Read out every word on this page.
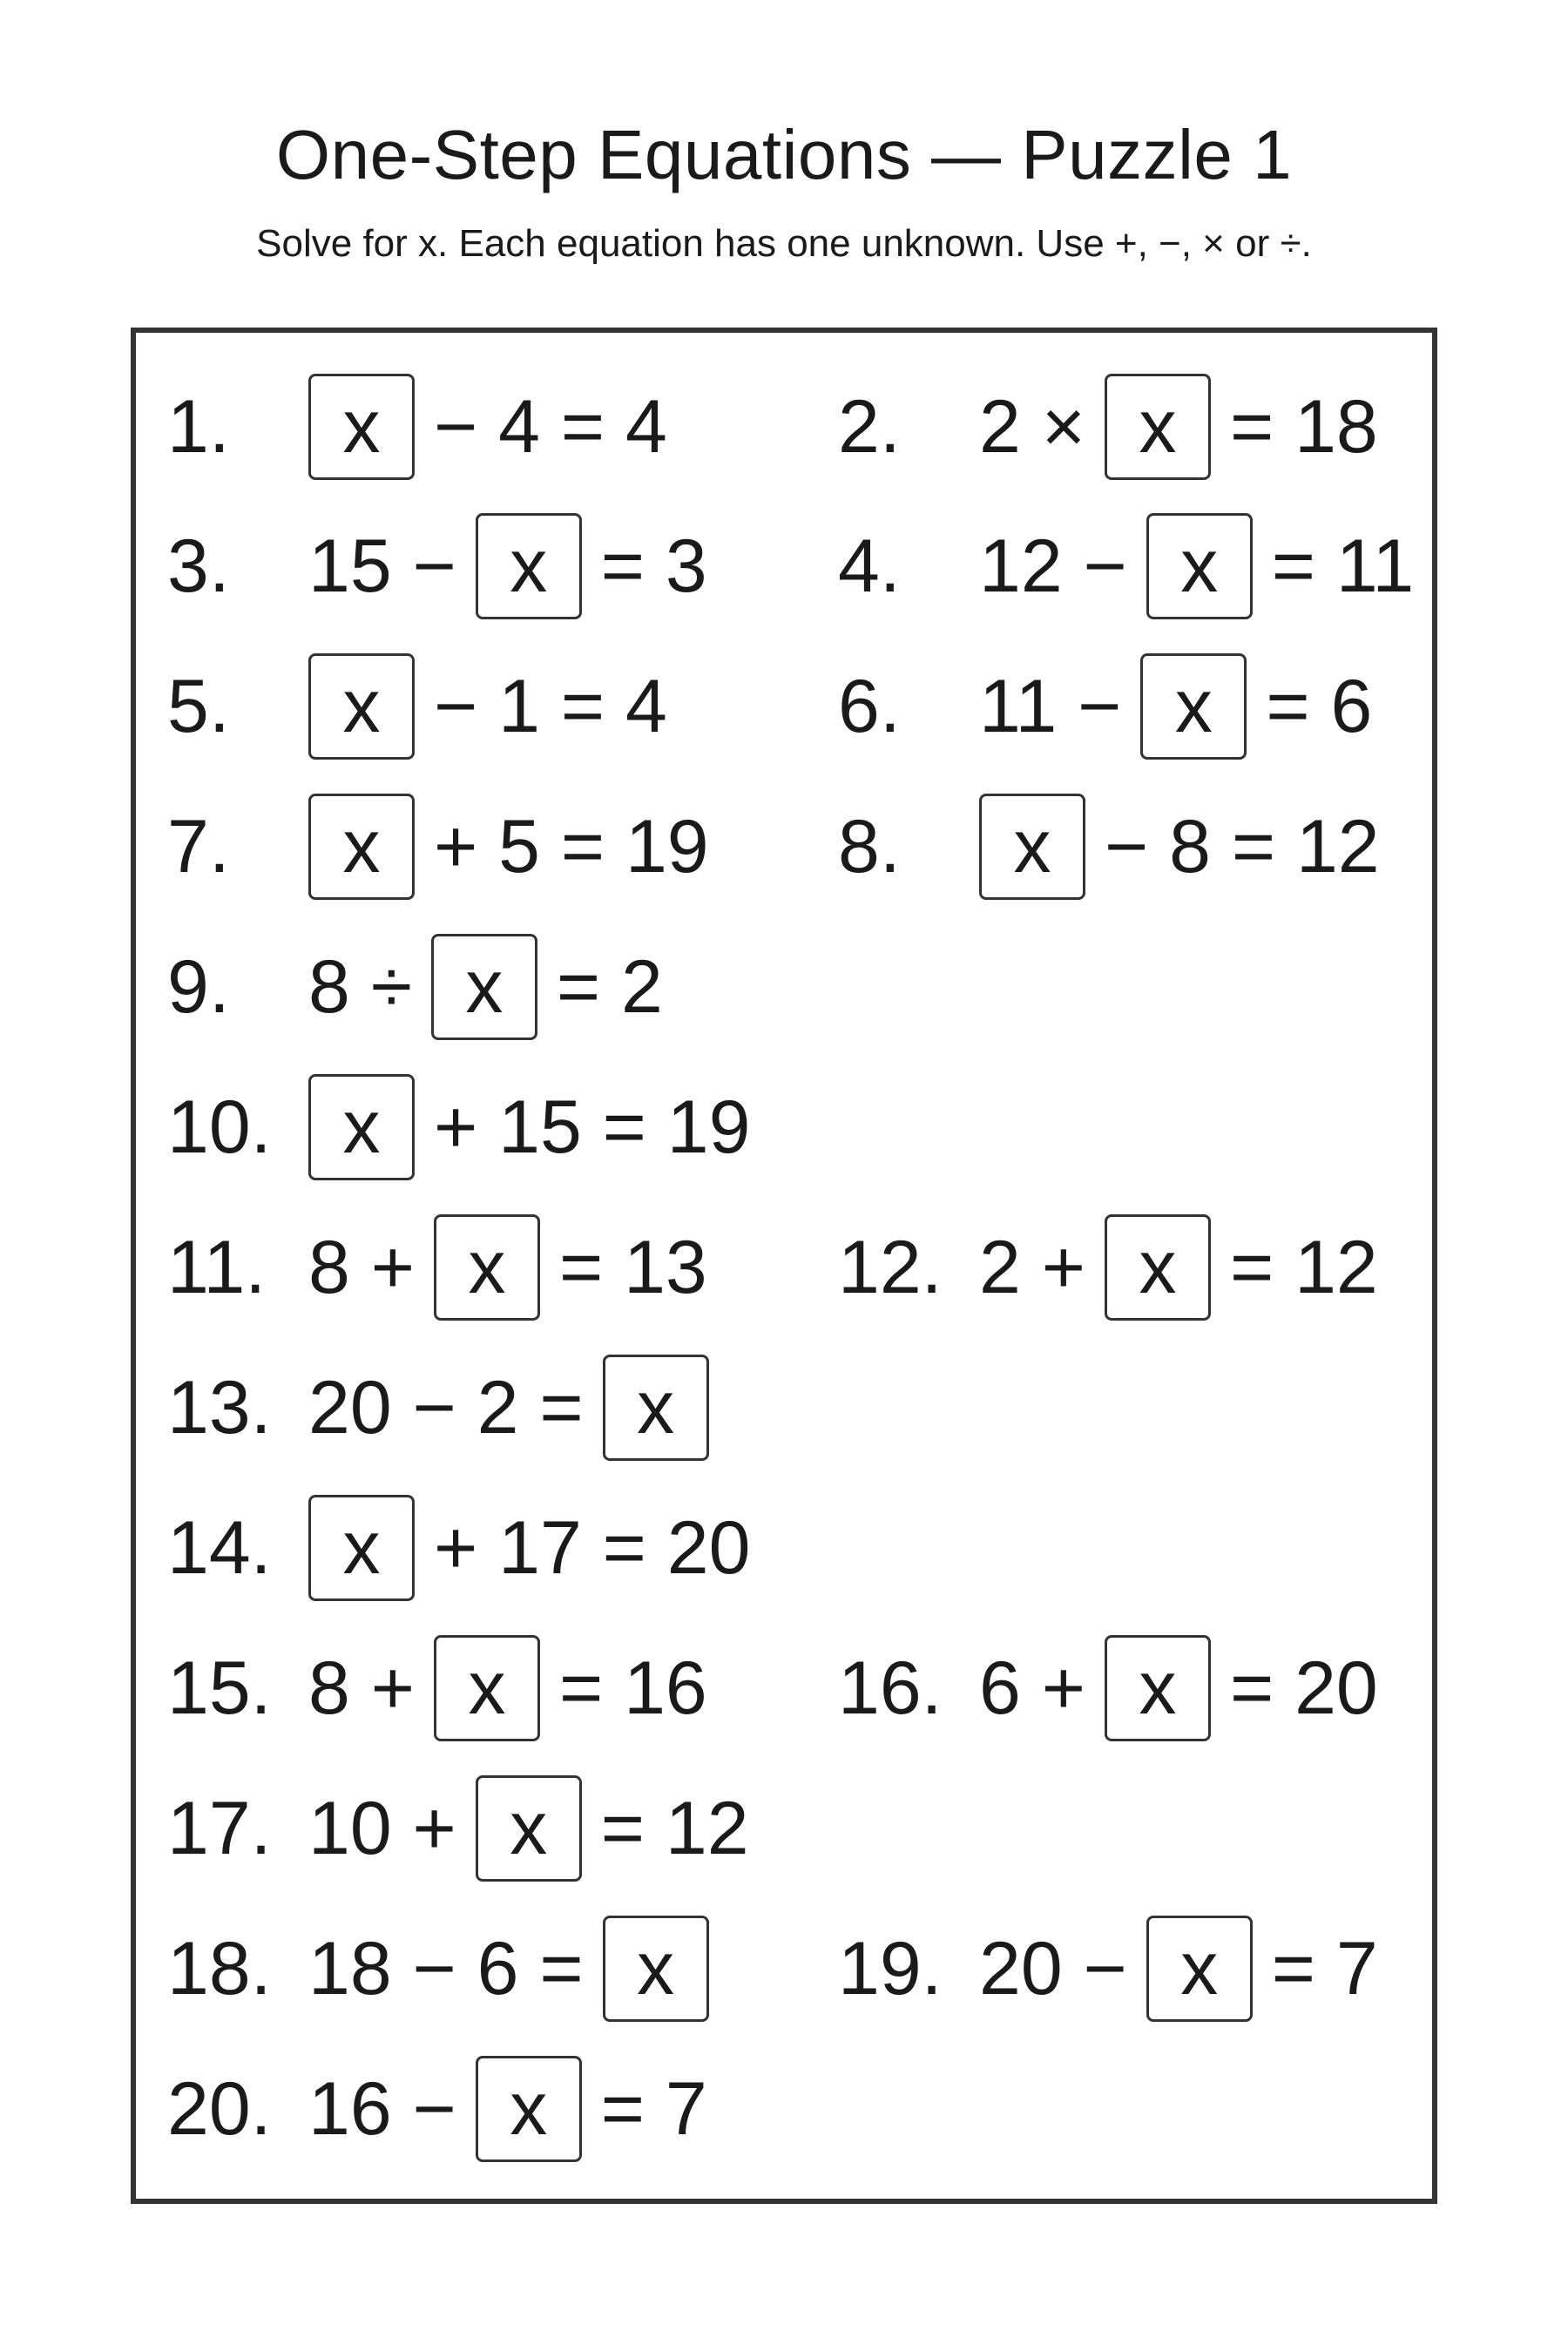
One-Step Equations — Puzzle 1
Solve for x. Each equation has one unknown. Use +, −, × or ÷.
1.	x − 4 = 4 2.	2 × x = 18
3.	15 − x = 3 4.	12 − x = 11
5.	x − 1 = 4 6.	11 − x = 6
7.	x + 5 = 19 8.	x − 8 = 12
9.	8 ÷ x = 2
10. x + 15 = 19
11. 8 + x = 13 12. 2 + x = 12
13. 20 − 2 = x
14. x + 17 = 20
15. 8 + x = 16 16. 6 + x = 20
17. 10 + x = 12
18. 18 − 6 = x	19. 20 − x = 7
20. 16 − x = 7
